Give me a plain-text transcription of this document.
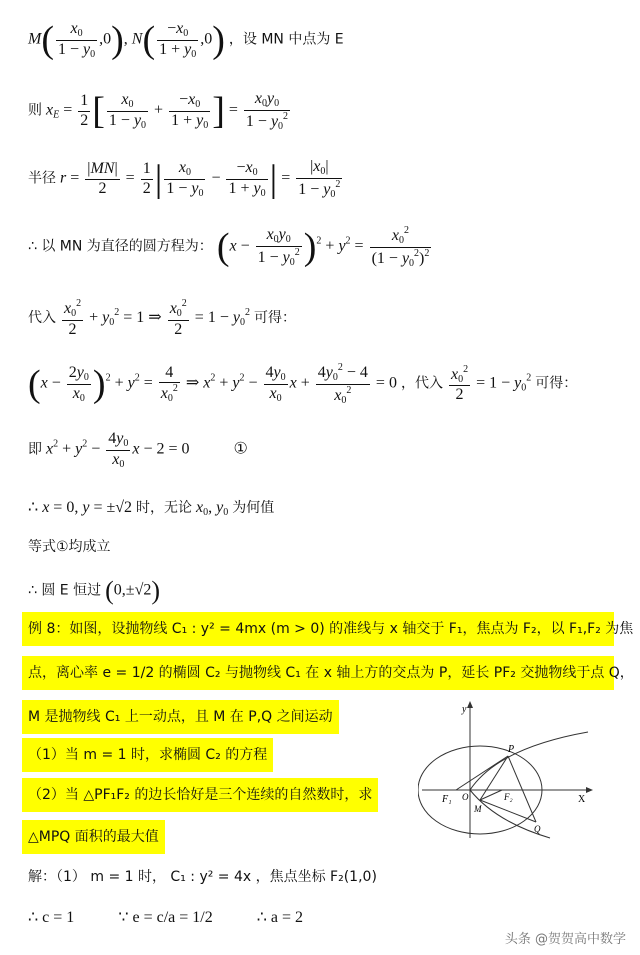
$M( \frac{x_0}{1 - y_0} ,0)$, $N( \frac{-x_0}{1 + y_0} ,0)$ ，设 MN 中点为 E
则 $x_E = \frac{1}{2}$ [ $\frac{x_0}{1 - y_0} + \frac{-x_0}{1 + y_0}$ ] = $\frac{x_0y_0}{1 - y_0^2}$
半径 $r = \frac{|MN|}{2} = \frac{1}{2}$ | $\frac{x_0}{1 - y_0} - \frac{-x_0}{1 + y_0}$ | = $\frac{|x_0|}{1 - y_0^2}$
∴ 以 MN 为直径的圆方程为： $(x - \frac{x_0y_0}{1 - y_0^2} )^2 + y^2 = \frac{x_0^2}{(1 - y_0^2)^2}$
代入 $\frac{x_0^2}{2} + y_0^2 = 1$ ⇒ $\frac{x_0^2}{2} = 1 - y_0^2$ 可得：
$(x - \frac{2y_0}{x_0} )^2 + y^2 = \frac{4}{x_0^2}$ ⇒ $x^2 + y^2 - \frac{4y_0}{x_0}$ $x + \frac{4y_0^2 - 4}{x_0^2} = 0$ ，代入 $\frac{x_0^2}{2} = 1 - y_0^2$ 可得：
即 $x^2 + y^2 - \frac{4y_0}{x_0}$ x − 2 = 0	①
∴ x = 0, y = ±√2 时，无论 $x_0$, $y_0$ 为何值
等式①均成立
∴ 圆 E 恒过 (0,±√2)
例 8：如图，设抛物线 C₁ : y² = 4mx (m > 0) 的准线与 x 轴交于 F₁，焦点为 F₂，以 F₁,F₂ 为焦
点，离心率 e = 1/2 的椭圆 C₂ 与抛物线 C₁ 在 x 轴上方的交点为 P，延长 PF₂ 交抛物线于点 Q，
M 是抛物线 C₁ 上一动点，且 M 在 P,Q 之间运动
（1）当 m = 1 时，求椭圆 C₂ 的方程
（2）当 △PF₁F₂ 的边长恰好是三个连续的自然数时，求
△MPQ 面积的最大值
y
X
P
F₁ O
M
F₂
Q
解：（1） m = 1 时， C₁ : y² = 4x ，焦点坐标 F₂(1,0)
∴ c = 1	∵ e = c/a = 1/2	∴ a = 2
头条 @贺贺高中数学
